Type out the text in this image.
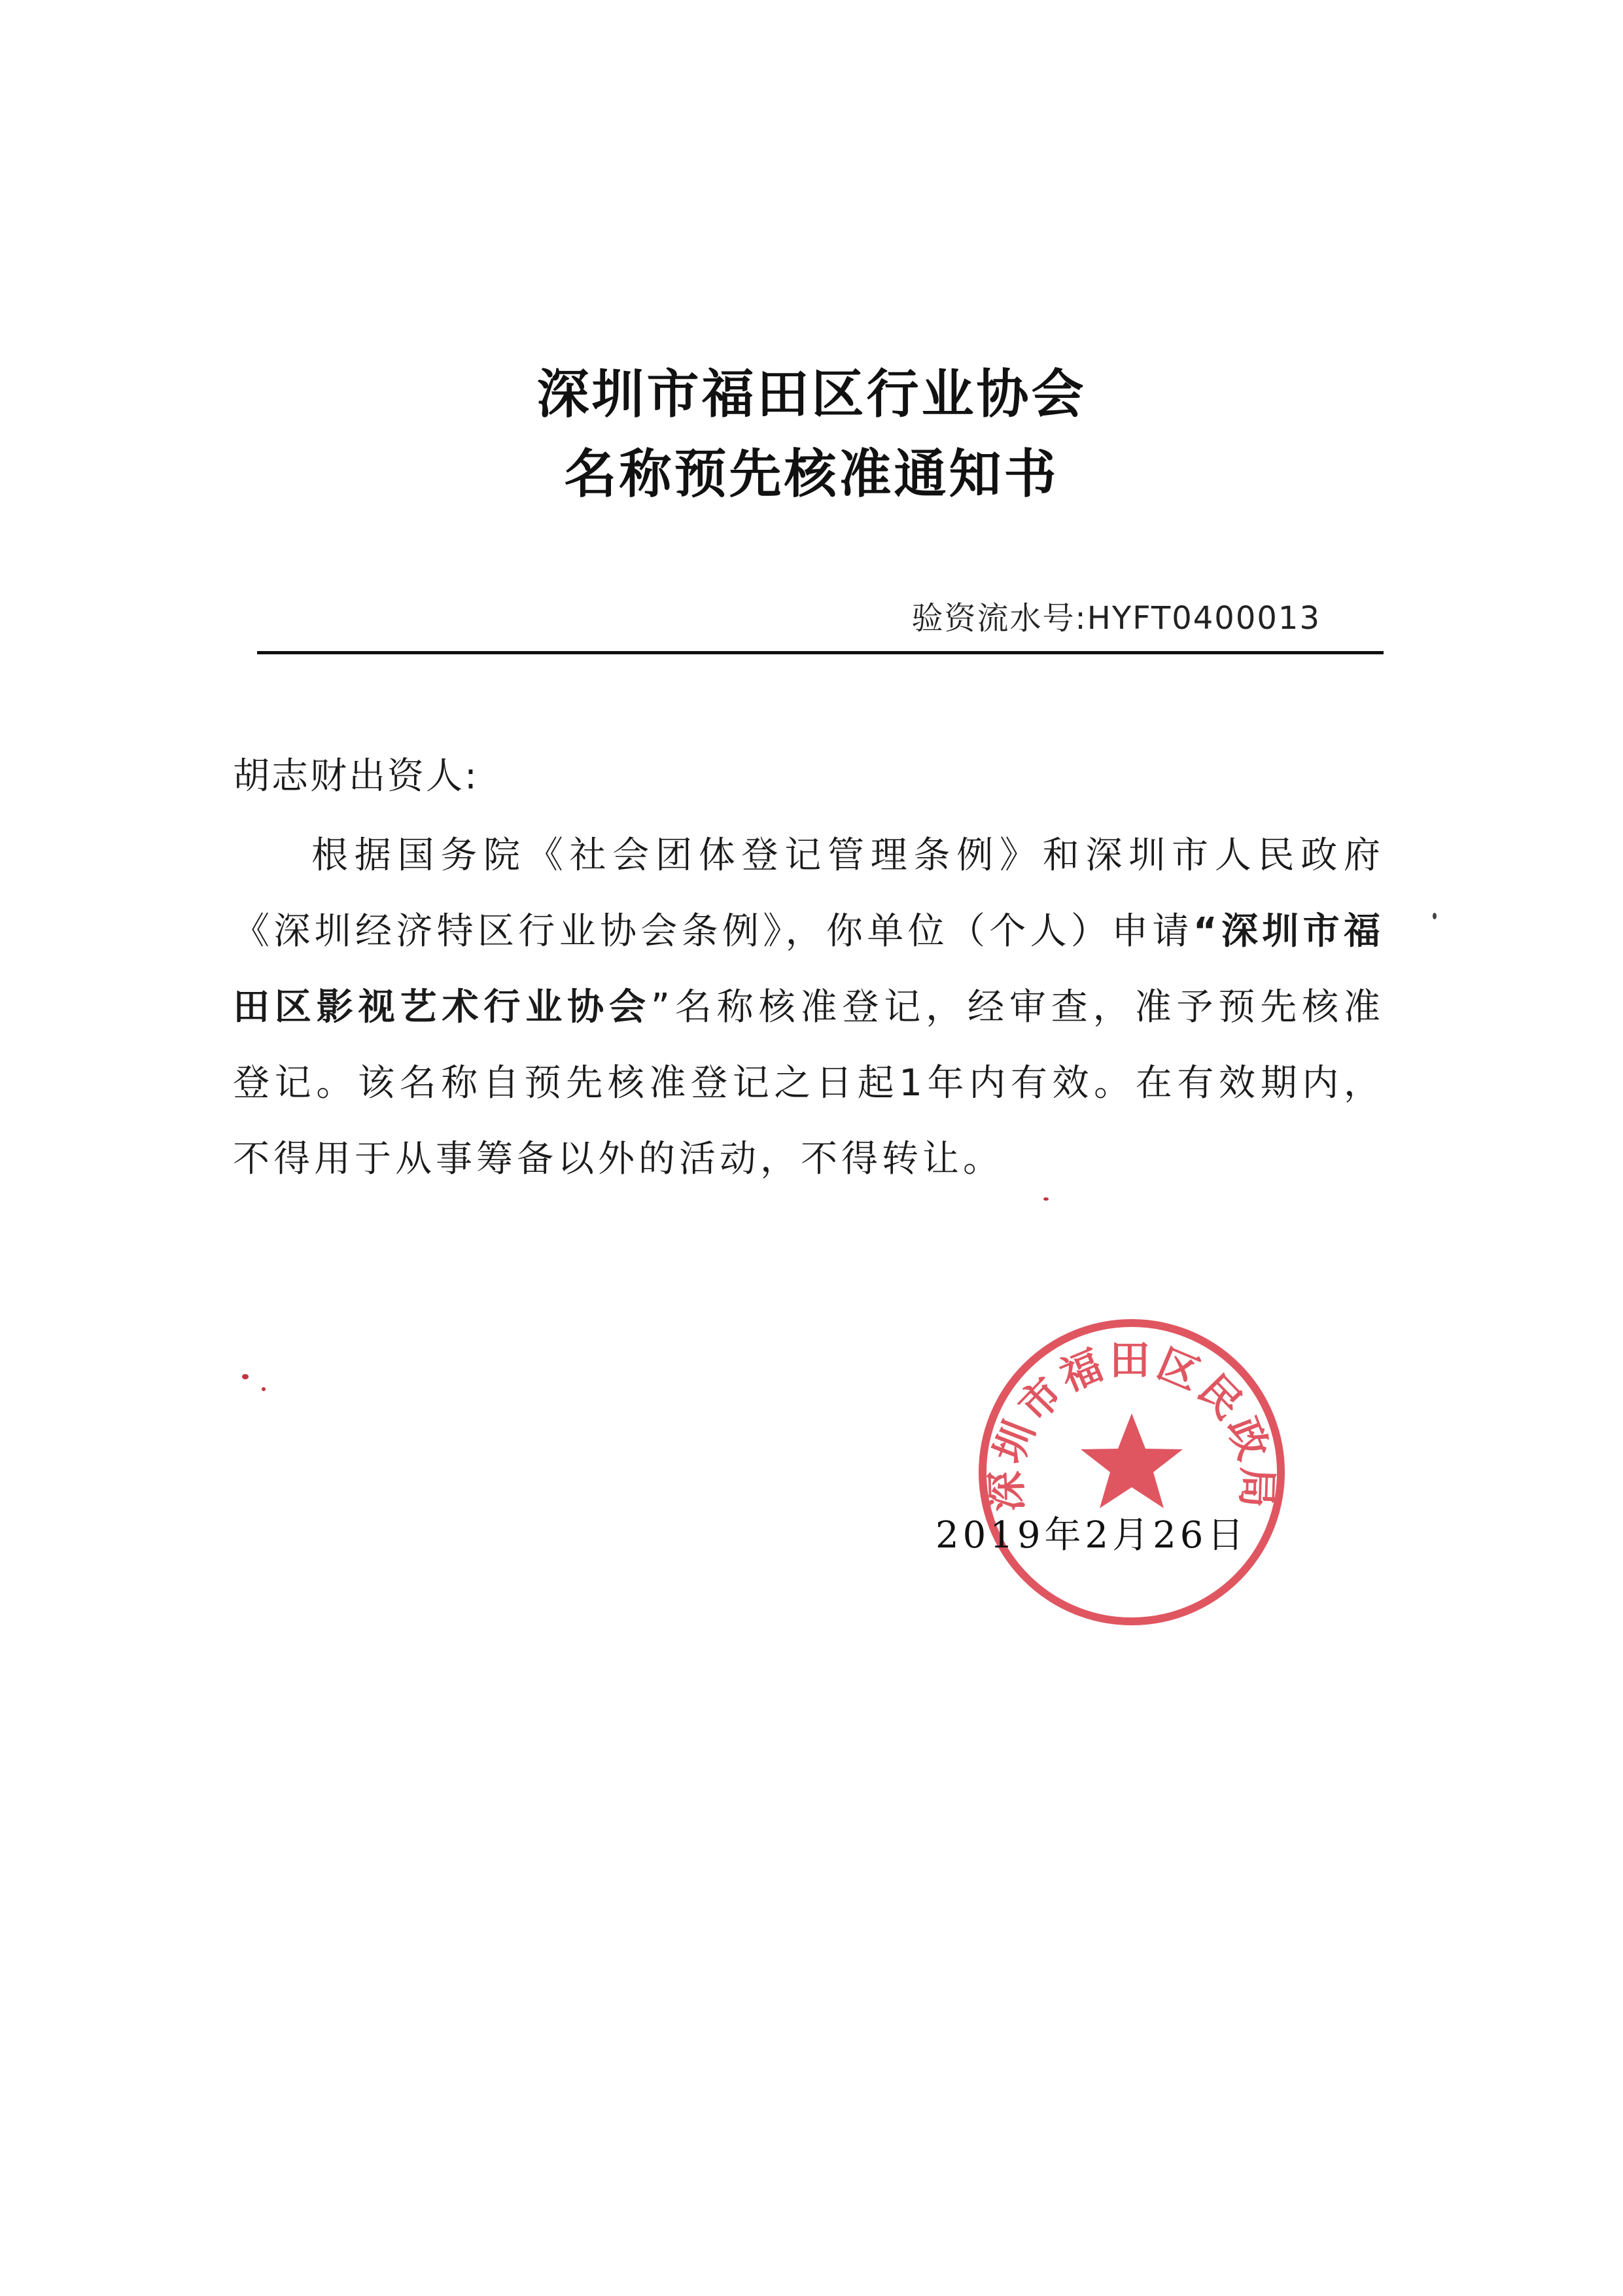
深圳市福田区行业协会
名称预先核准通知书
验资流水号:HYFT0400013
胡志财出资人:
根据国务院《社会团体登记管理条例》和深圳市人民政府《深圳经济特区行业协会条例》，你单位（个人）申请“深圳市福田区影视艺术行业协会”名称核准登记，经审查，准予预先核准登记。该名称自预先核准登记之日起1年内有效。在有效期内，不得用于从事筹备以外的活动，不得转让。
深圳市福田区民政局
2019年2月26日
